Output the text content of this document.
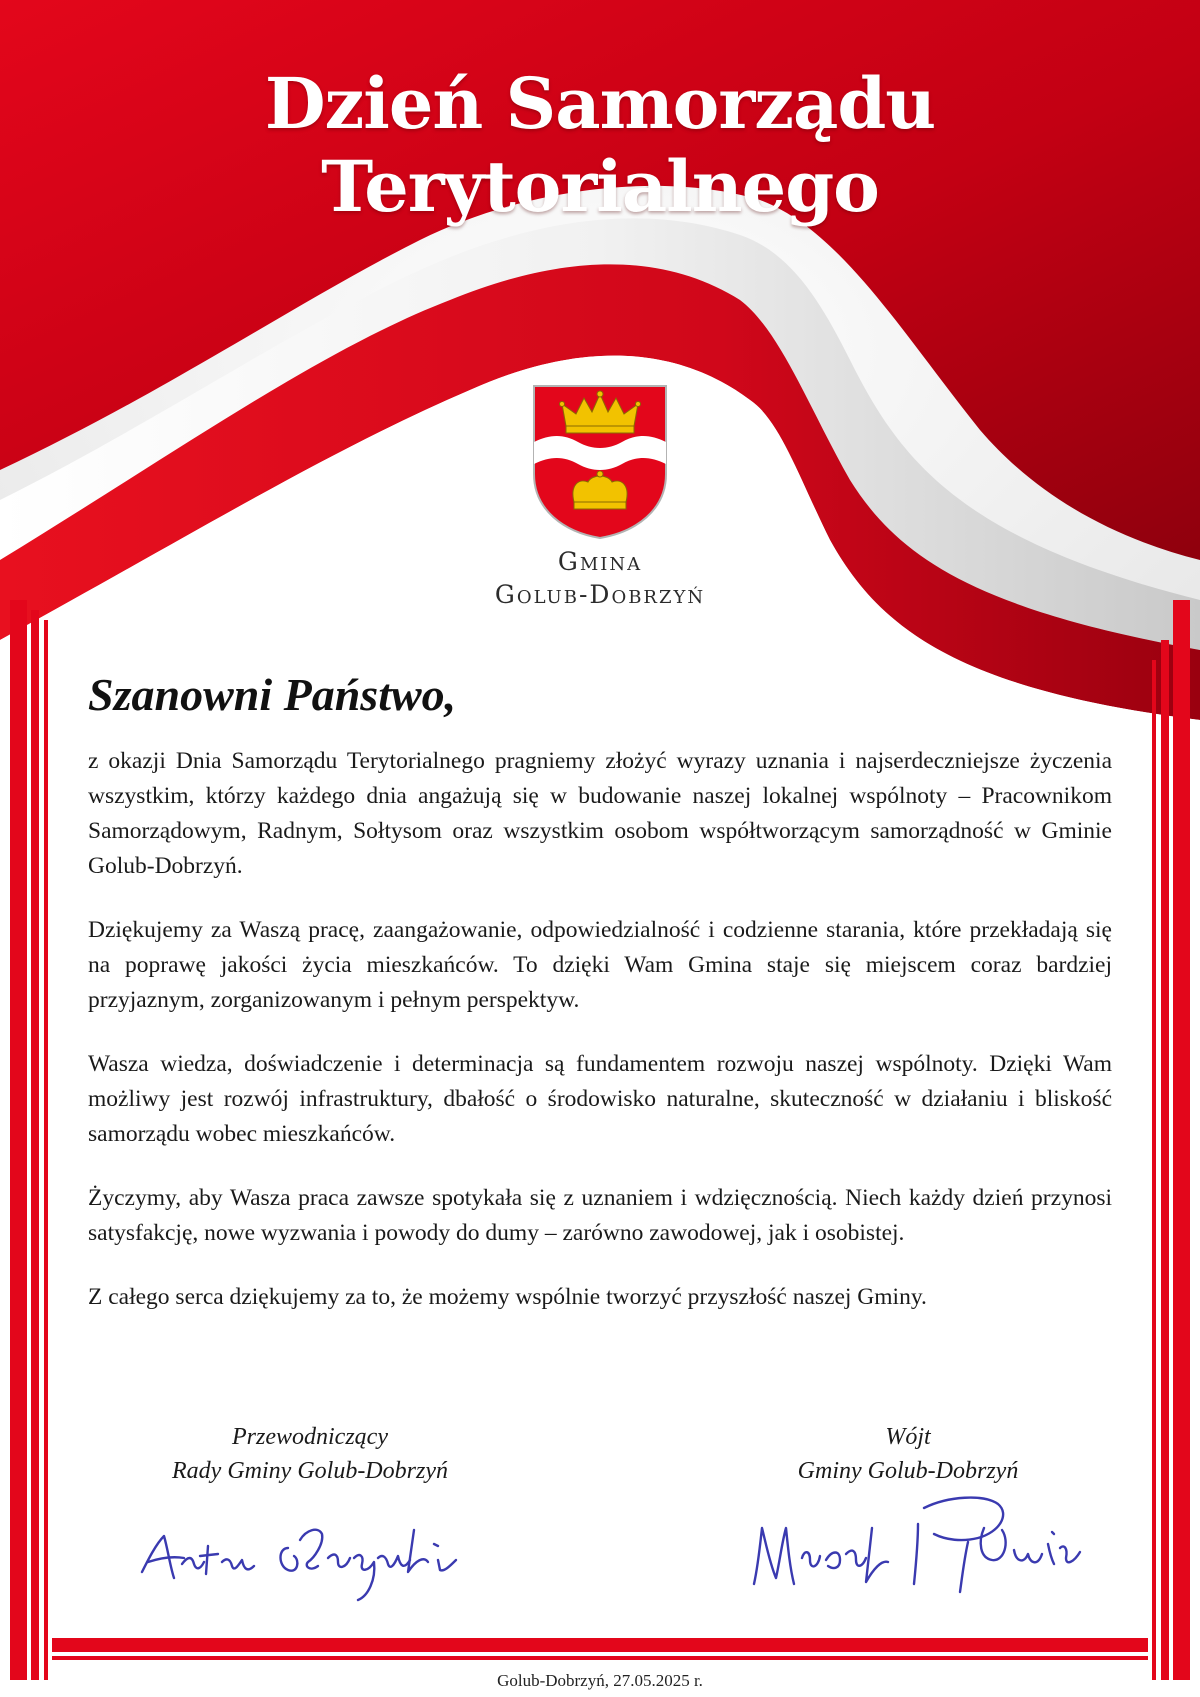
Dzień Samorządu Terytorialnego
Gmina
Golub-Dobrzyń
Szanowni Państwo,

z okazji Dnia Samorządu Terytorialnego pragniemy złożyć wyrazy uznania i najserdeczniejsze życzenia wszystkim, którzy każdego dnia angażują się w budowanie naszej lokalnej wspólnoty – Pracownikom Samorządowym, Radnym, Sołtysom oraz wszystkim osobom współtworzącym samorządność w Gminie Golub-Dobrzyń.

Dziękujemy za Waszą pracę, zaangażowanie, odpowiedzialność i codzienne starania, które przekładają się na poprawę jakości życia mieszkańców. To dzięki Wam Gmina staje się miejscem coraz bardziej przyjaznym, zorganizowanym i pełnym perspektyw.

Wasza wiedza, doświadczenie i determinacja są fundamentem rozwoju naszej wspólnoty. Dzięki Wam możliwy jest rozwój infrastruktury, dbałość o środowisko naturalne, skuteczność w działaniu i bliskość samorządu wobec mieszkańców.

Życzymy, aby Wasza praca zawsze spotykała się z uznaniem i wdzięcznością. Niech każdy dzień przynosi satysfakcję, nowe wyzwania i powody do dumy – zarówno zawodowej, jak i osobistej.

Z całego serca dziękujemy za to, że możemy wspólnie tworzyć przyszłość naszej Gminy.

Przewodniczący
Rady Gminy Golub-Dobrzyń
Wójt
Gminy Golub-Dobrzyń
Golub-Dobrzyń, 27.05.2025 r.
